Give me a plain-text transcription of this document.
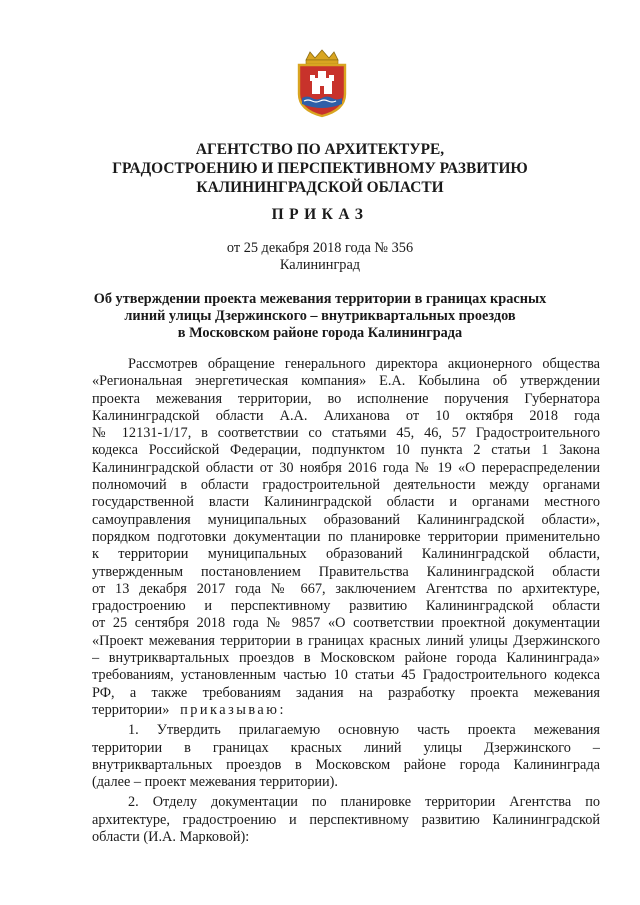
АГЕНТСТВО ПО АРХИТЕКТУРЕ,
ГРАДОСТРОЕНИЮ И ПЕРСПЕКТИВНОМУ РАЗВИТИЮ
КАЛИНИНГРАДСКОЙ ОБЛАСТИ
ПРИКАЗ
от 25 декабря 2018 года № 356
Калининград
Об утверждении проекта межевания территории в границах красных
линий улицы Дзержинского – внутриквартальных проездов
в Московском районе города Калининграда
Рассмотрев обращение генерального директора акционерного общества
«Региональная энергетическая компания» Е.А. Кобылина об утверждении
проекта межевания территории, во исполнение поручения Губернатора
Калининградской области А.А. Алиханова от 10 октября 2018 года
№ 12131-1/17, в соответствии со статьями 45, 46, 57 Градостроительного
кодекса Российской Федерации, подпунктом 10 пункта 2 статьи 1 Закона
Калининградской области от 30 ноября 2016 года № 19 «О перераспределении
полномочий в области градостроительной деятельности между органами
государственной власти Калининградской области и органами местного
самоуправления муниципальных образований Калининградской области»,
порядком подготовки документации по планировке территории применительно
к территории муниципальных образований Калининградской области,
утвержденным постановлением Правительства Калининградской области
от 13 декабря 2017 года № 667, заключением Агентства по архитектуре,
градостроению и перспективному развитию Калининградской области
от 25 сентября 2018 года № 9857 «О соответствии проектной документации
«Проект межевания территории в границах красных линий улицы Дзержинского
– внутриквартальных проездов в Московском районе города Калининграда»
требованиям, установленным частью 10 статьи 45 Градостроительного кодекса
РФ, а также требованиям задания на разработку проекта межевания
территории» приказываю:
1. Утвердить прилагаемую основную часть проекта межевания
территории в границах красных линий улицы Дзержинского –
внутриквартальных проездов в Московском районе города Калининграда
(далее – проект межевания территории).
2. Отделу документации по планировке территории Агентства по
архитектуре, градостроению и перспективному развитию Калининградской
области (И.А. Марковой):
